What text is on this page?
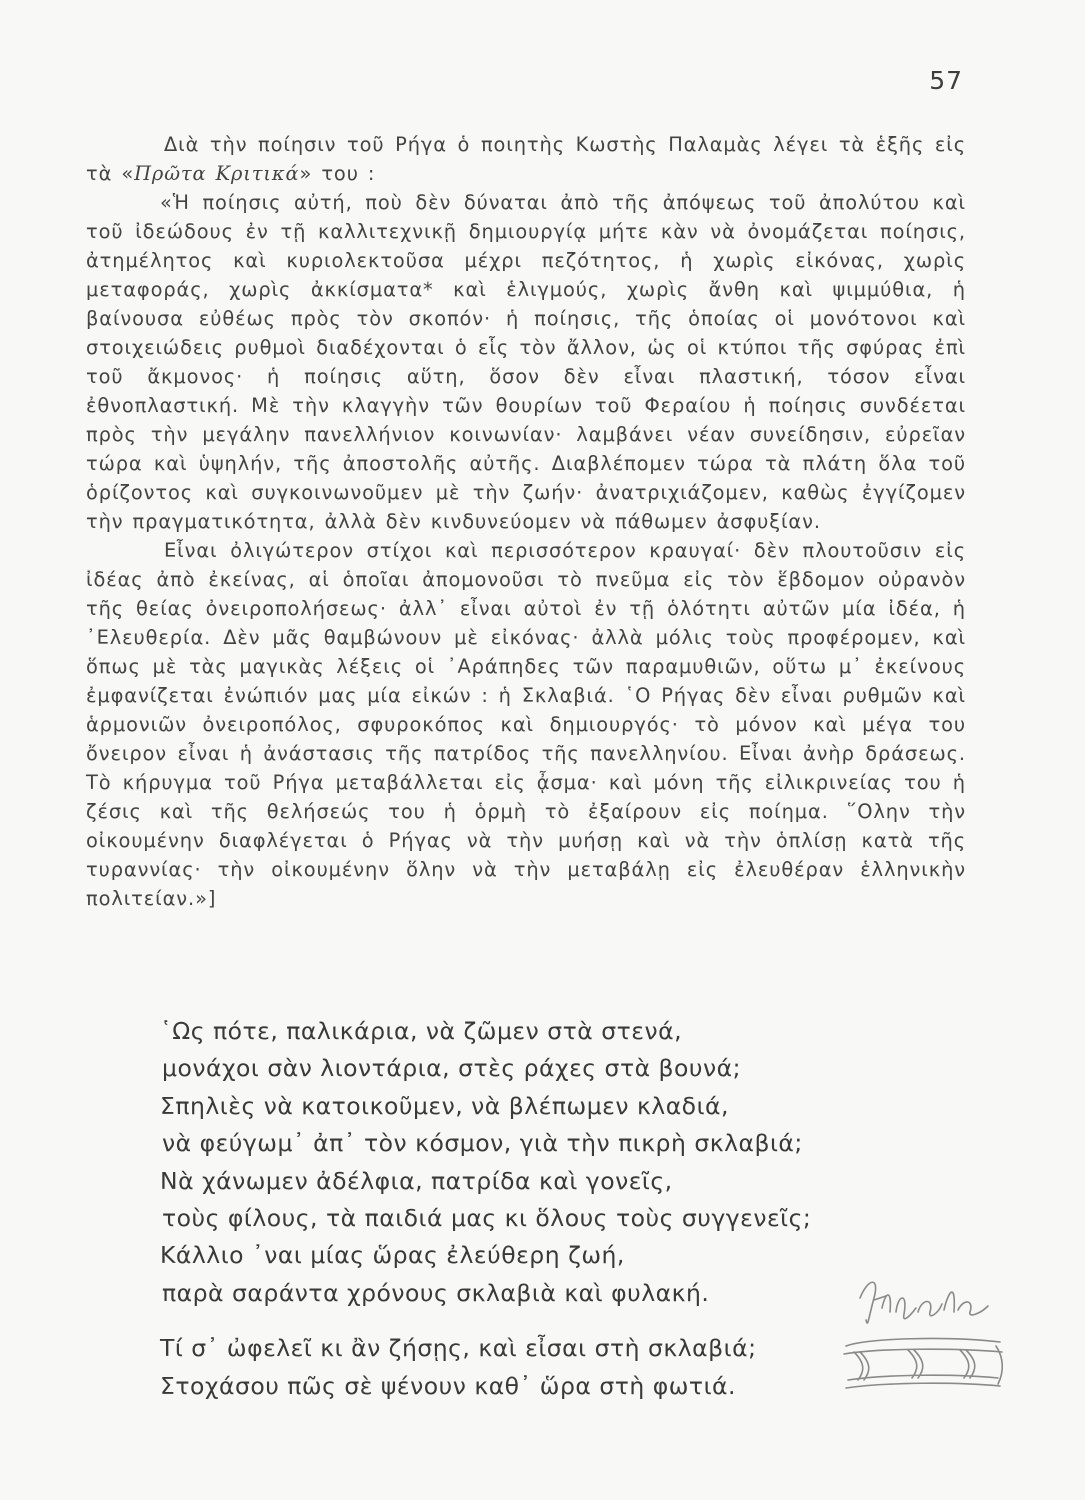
57

Διὰ τὴν ποίησιν τοῦ Ρήγα ὁ ποιητὴς Κωστὴς Παλαμὰς λέγει τὰ ἑξῆς εἰς τὰ «Πρῶτα Κριτικά» του :

«Ἡ ποίησις αὐτή, ποὺ δὲν δύναται ἀπὸ τῆς ἀπόψεως τοῦ ἀπολύτου καὶ τοῦ ἰδεώδους ἐν τῇ καλλιτεχνικῇ δημιουργίᾳ μήτε κὰν νὰ ὀνομάζεται ποίησις, ἀτημέλητος καὶ κυριολεκτοῦσα μέχρι πεζότητος, ἡ χωρὶς εἰκόνας, χωρὶς μεταφοράς, χωρὶς ἀκκίσματα* καὶ ἑλιγμούς, χωρὶς ἄνθη καὶ ψιμμύθια, ἡ βαίνουσα εὐθέως πρὸς τὸν σκοπόν· ἡ ποίησις, τῆς ὁποίας οἱ μονότονοι καὶ στοιχειώδεις ρυθμοὶ διαδέχονται ὁ εἷς τὸν ἄλλον, ὡς οἱ κτύποι τῆς σφύρας ἐπὶ τοῦ ἄκμονος· ἡ ποίησις αὕτη, ὅσον δὲν εἶναι πλαστική, τόσον εἶναι ἐθνοπλαστική. Μὲ τὴν κλαγγὴν τῶν θουρίων τοῦ Φεραίου ἡ ποίησις συνδέεται πρὸς τὴν μεγάλην πανελλήνιον κοινωνίαν· λαμβάνει νέαν συνείδησιν, εὐρεῖαν τώρα καὶ ὑψηλήν, τῆς ἀποστολῆς αὐτῆς. Διαβλέπομεν τώρα τὰ πλάτη ὅλα τοῦ ὁρίζοντος καὶ συγκοινωνοῦμεν μὲ τὴν ζωήν· ἀνατριχιάζομεν, καθὼς ἐγγίζομεν τὴν πραγματικότητα, ἀλλὰ δὲν κινδυνεύομεν νὰ πάθωμεν ἀσφυξίαν.

Εἶναι ὀλιγώτερον στίχοι καὶ περισσότερον κραυγαί· δὲν πλουτοῦσιν εἰς ἰδέας ἀπὸ ἐκείνας, αἱ ὁποῖαι ἀπομονοῦσι τὸ πνεῦμα εἰς τὸν ἕβδομον οὐρανὸν τῆς θείας ὀνειροπολήσεως· ἀλλ᾿ εἶναι αὐτοὶ ἐν τῇ ὁλότητι αὐτῶν μία ἰδέα, ἡ ᾿Ελευθερία. Δὲν μᾶς θαμβώνουν μὲ εἰκόνας· ἀλλὰ μόλις τοὺς προφέρομεν, καὶ ὅπως μὲ τὰς μαγικὰς λέξεις οἱ ᾿Αράπηδες τῶν παραμυθιῶν, οὕτω μ᾿ ἐκείνους ἐμφανίζεται ἐνώπιόν μας μία εἰκών : ἡ Σκλαβιά. ῾Ο Ρήγας δὲν εἶναι ρυθμῶν καὶ ἁρμονιῶν ὀνειροπόλος, σφυροκόπος καὶ δημιουργός· τὸ μόνον καὶ μέγα του ὄνειρον εἶναι ἡ ἀνάστασις τῆς πατρίδος τῆς πανελληνίου. Εἶναι ἀνὴρ δράσεως. Τὸ κήρυγμα τοῦ Ρήγα μεταβάλλεται εἰς ᾆσμα· καὶ μόνη τῆς εἰλικρινείας του ἡ ζέσις καὶ τῆς θελήσεώς του ἡ ὁρμὴ τὸ ἐξαίρουν εἰς ποίημα. ῞Ολην τὴν οἰκουμένην διαφλέγεται ὁ Ρήγας νὰ τὴν μυήσῃ καὶ νὰ τὴν ὁπλίσῃ κατὰ τῆς τυραννίας· τὴν οἰκουμένην ὅλην νὰ τὴν μεταβάλῃ εἰς ἐλευθέραν ἑλληνικὴν πολιτείαν.»]

῾Ως πότε, παλικάρια, νὰ ζῶμεν στὰ στενά,
μονάχοι σὰν λιοντάρια, στὲς ράχες στὰ βουνά;
Σπηλιὲς νὰ κατοικοῦμεν, νὰ βλέπωμεν κλαδιά,
νὰ φεύγωμ᾿ ἀπ᾿ τὸν κόσμον, γιὰ τὴν πικρὴ σκλαβιά;
Νὰ χάνωμεν ἀδέλφια, πατρίδα καὶ γονεῖς,
τοὺς φίλους, τὰ παιδιά μας κι ὅλους τοὺς συγγενεῖς;
Κάλλιο ᾿ναι μίας ὥρας ἐλεύθερη ζωή,
παρὰ σαράντα χρόνους σκλαβιὰ καὶ φυλακή.
Τί σ᾿ ὠφελεῖ κι ἂν ζήσῃς, καὶ εἶσαι στὴ σκλαβιά;
Στοχάσου πῶς σὲ ψένουν καθ᾿ ὥρα στὴ φωτιά.
